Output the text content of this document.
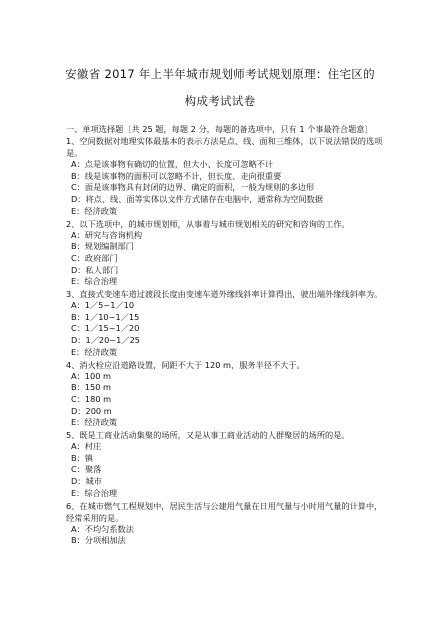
安徽省 2017 年上半年城市规划师考试规划原理：住宅区的
构成考试试卷
一、单项选择题〔共 25 题，每题 2 分，每题的备选项中，只有 1 个事最符合题意〕
1、空间数据对地理实体最基本的表示方法是点、线、面和三维体，以下说法错误的选项是。
A：点是该事物有确切的位置，但大小、长度可忽略不计
B：线是该事物的面积可以忽略不计，但长度、走向很重要
C：面是该事物具有封闭的边界、确定的面积，一般为规则的多边形
D：将点、线、面等实体以文件方式储存在电脑中，通常称为空间数据
E：经济政策
2、以下选项中，的城市规划师，从事着与城市规划相关的研究和咨询的工作。
A：研究与咨询机构
B：规划编制部门
C：政府部门
D：私人部门
E：综合治理
3、直接式变速车道过渡段长度由变速车道外缘线斜率计算得出，驶出端外缘线斜率为。
A：1／5~1／10
B：1／10~1／15
C：1／15~1／20
D：1／20~1／25
E：经济政策
4、消火栓应沿道路设置，间距不大于 120 m，服务半径不大于。
A：100 m
B：150 m
C：180 m
D：200 m
E：经济政策
5、既是工商业活动集聚的场所，又是从事工商业活动的人群聚居的场所的是。
A：村庄
B：镇
C：聚落
D：城市
E：综合治理
6、在城市燃气工程规划中，居民生活与公建用气量在日用气量与小时用气量的计算中，经常采用的是。
A：不均匀系数法
B：分项相加法
